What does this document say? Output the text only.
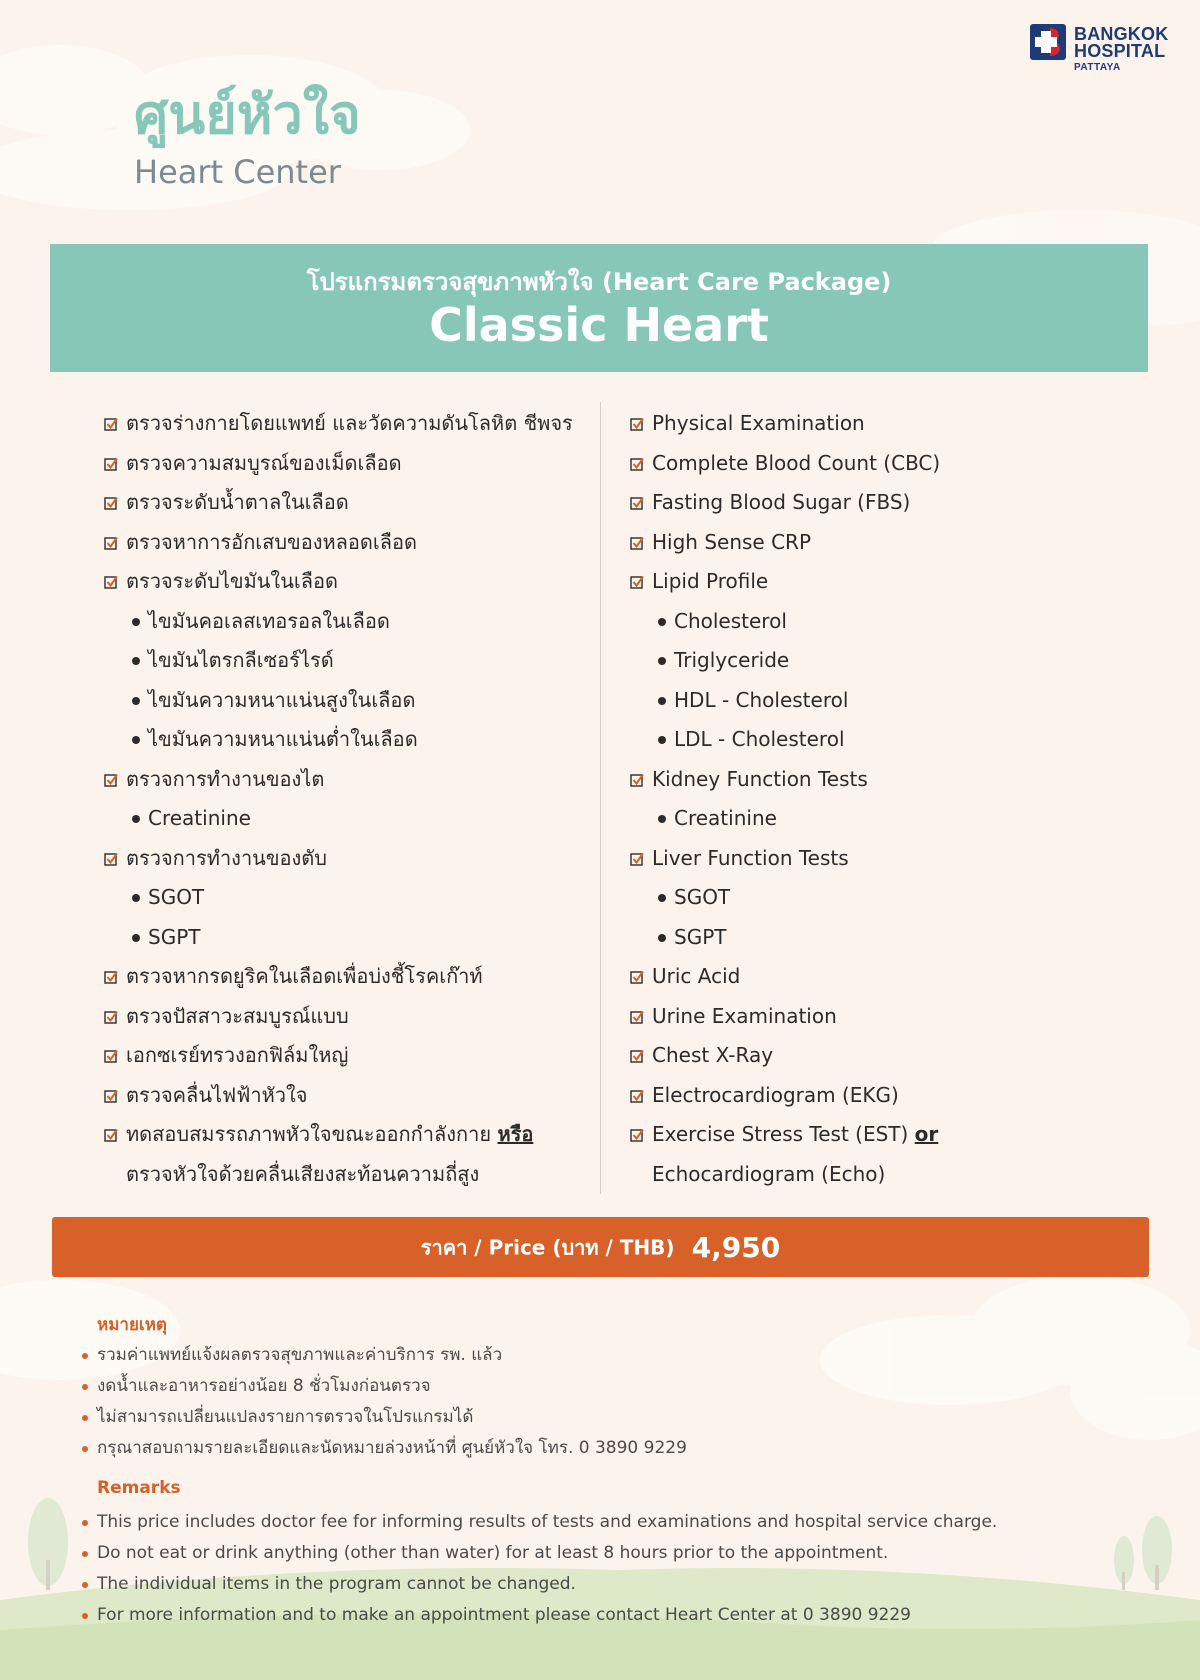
BANGKOK
HOSPITAL
PATTAYA
ศูนย์หัวใจ
Heart Center
โปรแกรมตรวจสุขภาพหัวใจ (Heart Care Package)
Classic Heart
ตรวจร่างกายโดยแพทย์ และวัดความดันโลหิต ชีพจร
ตรวจความสมบูรณ์ของเม็ดเลือด
ตรวจระดับน้ำตาลในเลือด
ตรวจหาการอักเสบของหลอดเลือด
ตรวจระดับไขมันในเลือด
ไขมันคอเลสเทอรอลในเลือด
ไขมันไตรกลีเซอร์ไรด์
ไขมันความหนาแน่นสูงในเลือด
ไขมันความหนาแน่นต่ำในเลือด
ตรวจการทำงานของไต
Creatinine
ตรวจการทำงานของตับ
SGOT
SGPT
ตรวจหากรดยูริคในเลือดเพื่อบ่งชี้โรคเก๊าท์
ตรวจปัสสาวะสมบูรณ์แบบ
เอกซเรย์ทรวงอกฟิล์มใหญ่
ตรวจคลื่นไฟฟ้าหัวใจ
ทดสอบสมรรถภาพหัวใจขณะออกกำลังกาย หรือ
ตรวจหัวใจด้วยคลื่นเสียงสะท้อนความถี่สูง
Physical Examination
Complete Blood Count (CBC)
Fasting Blood Sugar (FBS)
High Sense CRP
Lipid Profile
Cholesterol
Triglyceride
HDL - Cholesterol
LDL - Cholesterol
Kidney Function Tests
Creatinine
Liver Function Tests
SGOT
SGPT
Uric Acid
Urine Examination
Chest X-Ray
Electrocardiogram (EKG)
Exercise Stress Test (EST) or
Echocardiogram (Echo)
ราคา / Price (บาท / THB) 4,950
หมายเหตุ
รวมค่าแพทย์แจ้งผลตรวจสุขภาพและค่าบริการ รพ. แล้ว
งดน้ำและอาหารอย่างน้อย 8 ชั่วโมงก่อนตรวจ
ไม่สามารถเปลี่ยนแปลงรายการตรวจในโปรแกรมได้
กรุณาสอบถามรายละเอียดและนัดหมายล่วงหน้าที่ ศูนย์หัวใจ โทร. 0 3890 9229
Remarks
This price includes doctor fee for informing results of tests and examinations and hospital service charge.
Do not eat or drink anything (other than water) for at least 8 hours prior to the appointment.
The individual items in the program cannot be changed.
For more information and to make an appointment please contact Heart Center at 0 3890 9229
